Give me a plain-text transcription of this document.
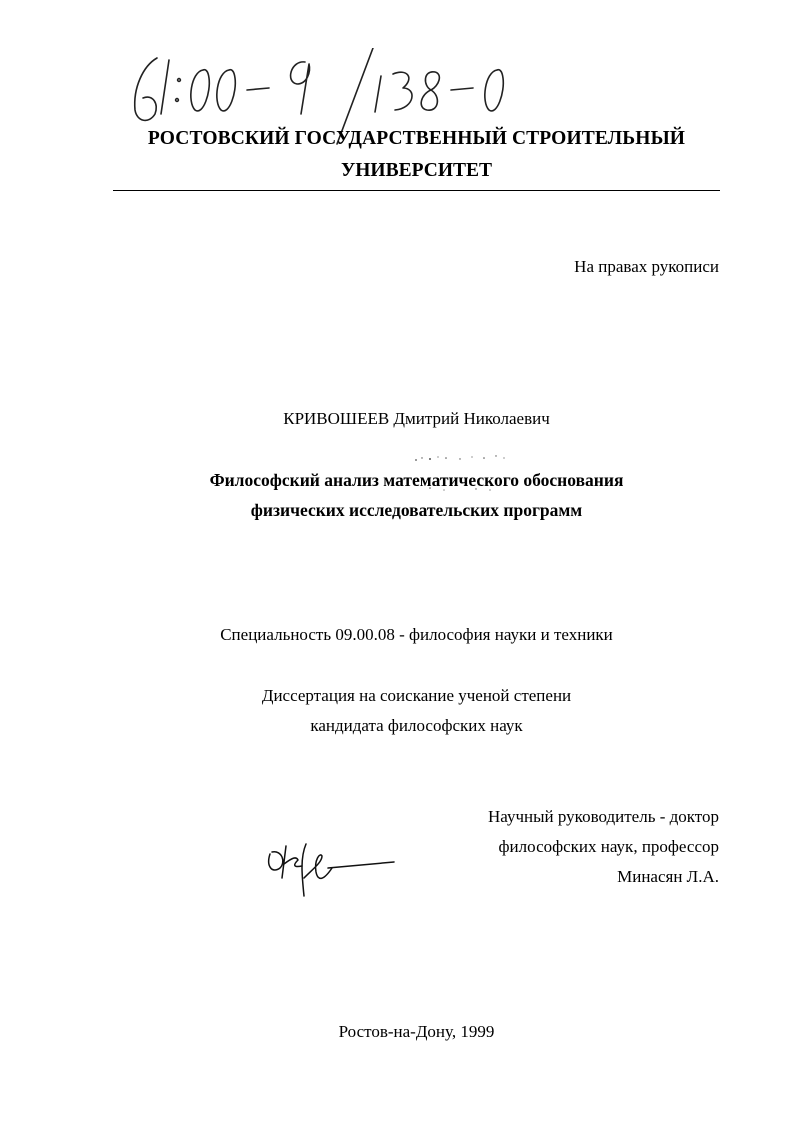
РОСТОВСКИЙ ГОСУДАРСТВЕННЫЙ СТРОИТЕЛЬНЫЙ
УНИВЕРСИТЕТ
На правах рукописи
КРИВОШЕЕВ Дмитрий Николаевич
Философский анализ математического обоснования
физических исследовательских программ
Специальность 09.00.08 - философия науки и техники
Диссертация на соискание ученой степени
кандидата философских наук
Научный руководитель - доктор
философских наук, профессор
Минасян Л.А.
Ростов-на-Дону, 1999
